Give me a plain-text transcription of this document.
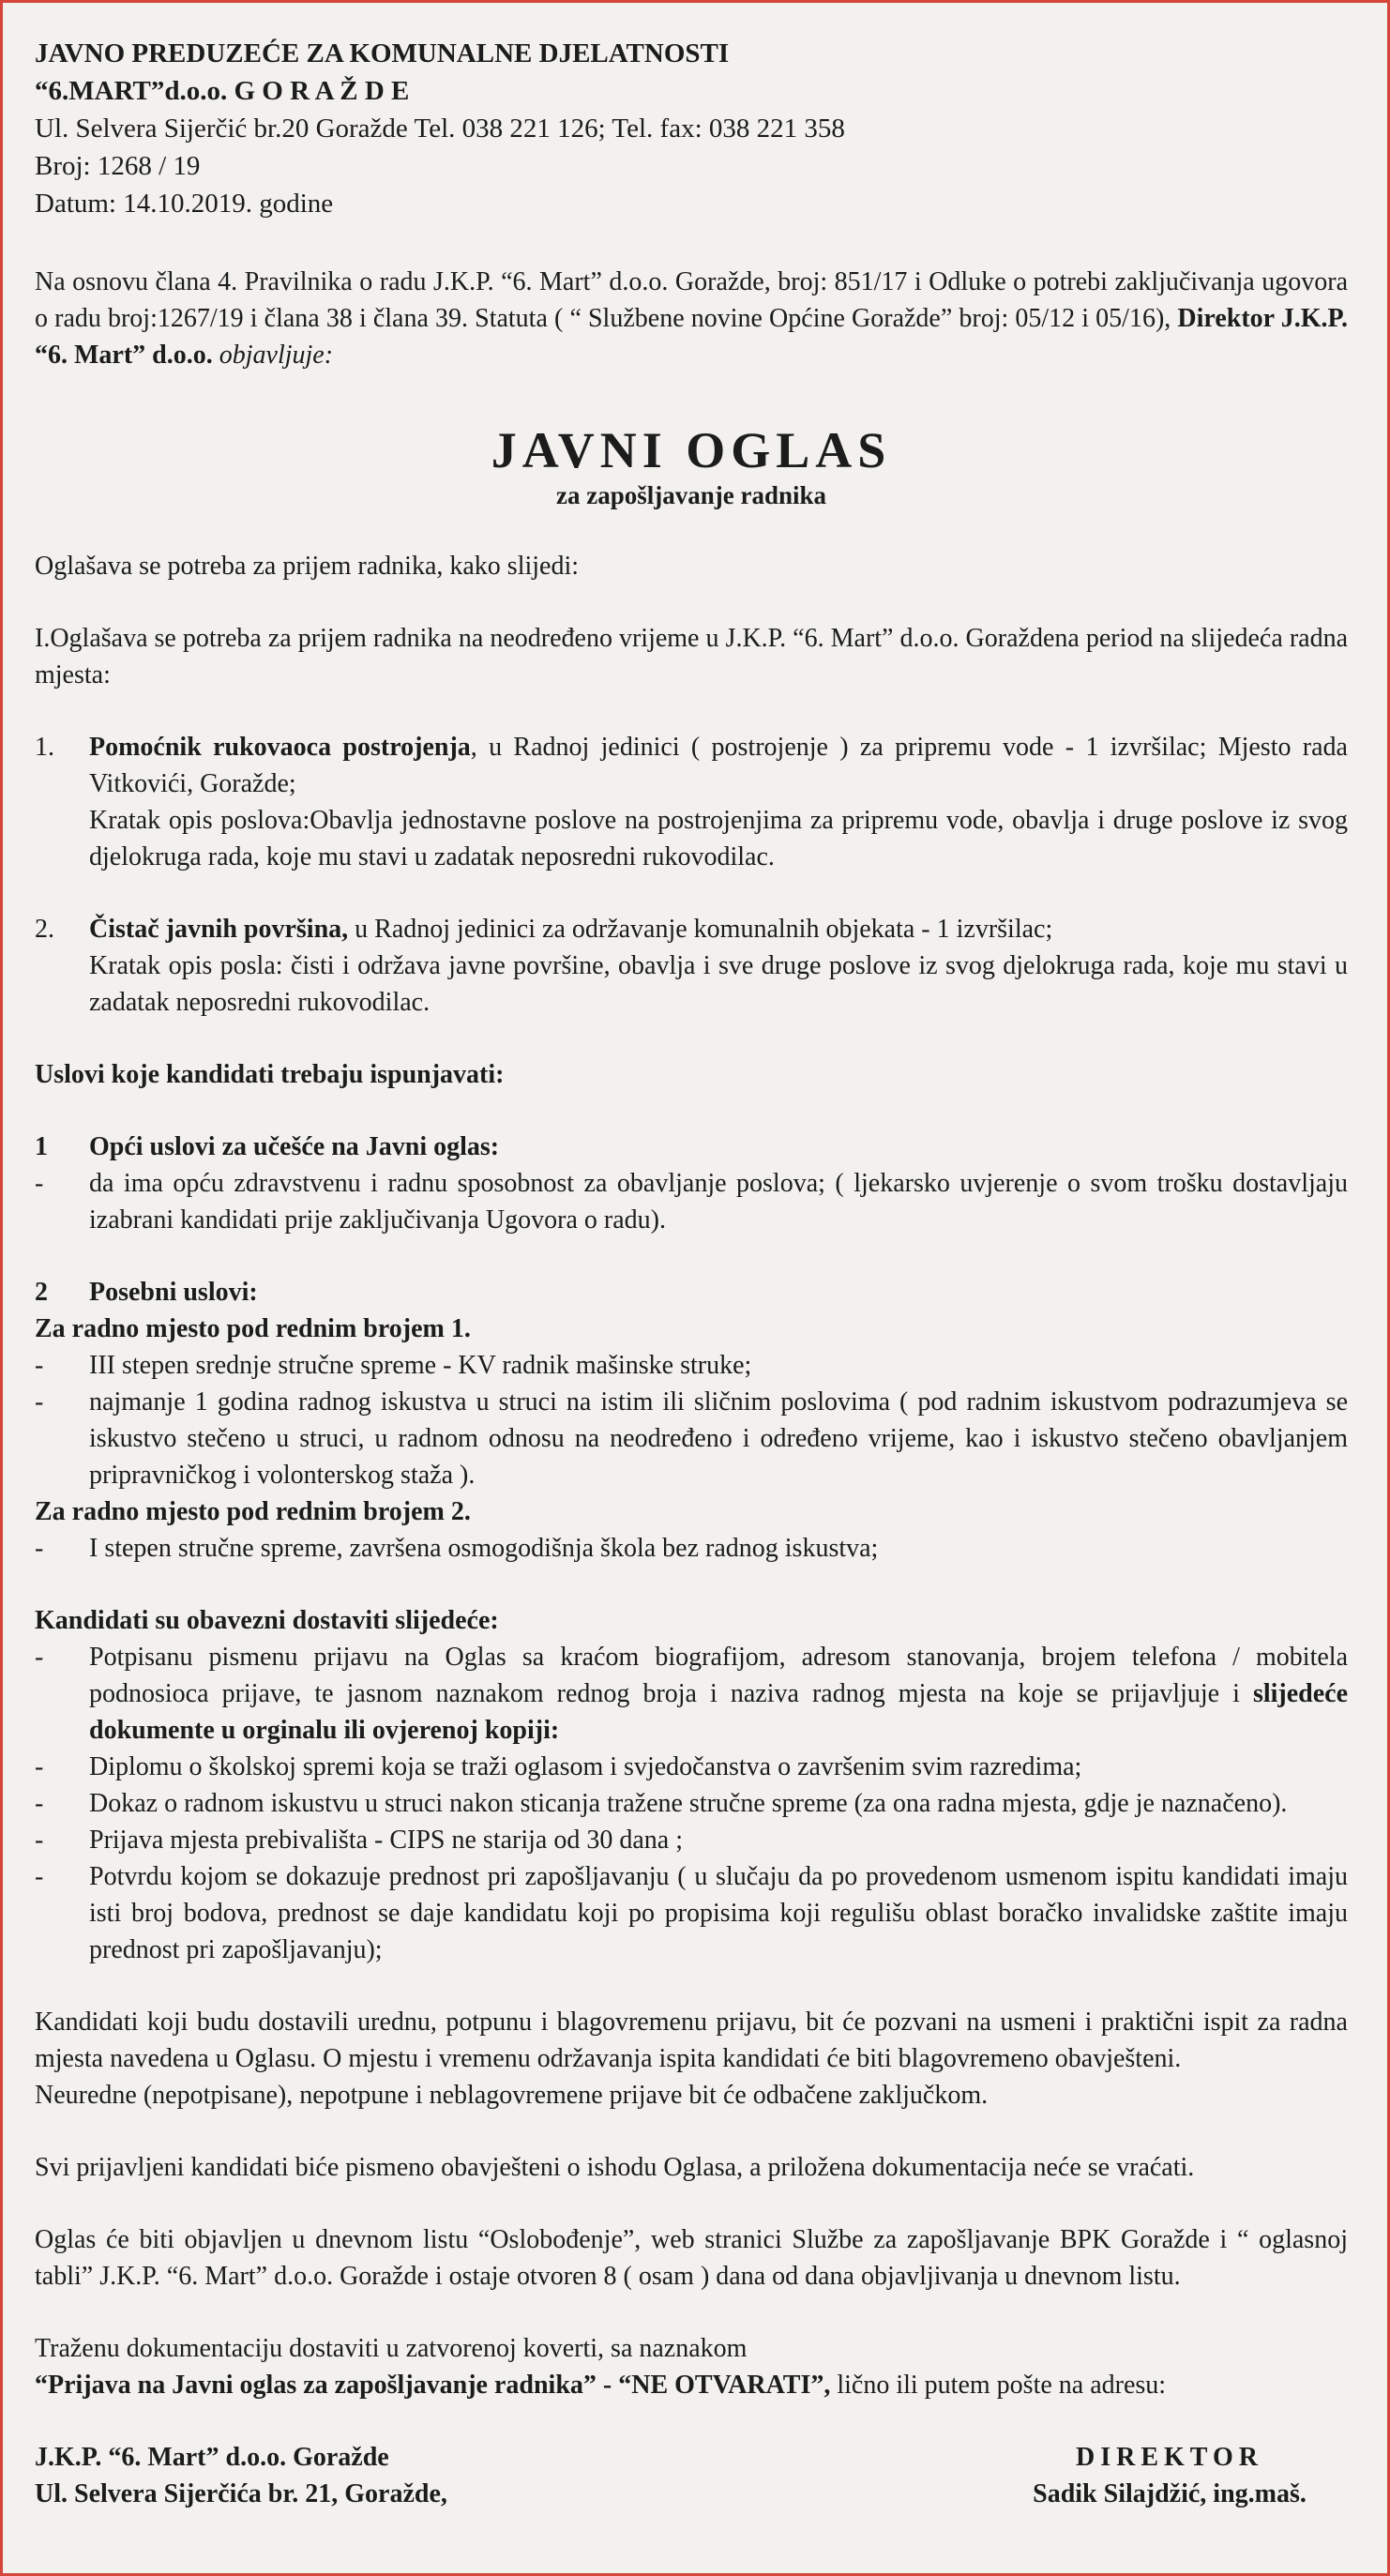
JAVNO PREDUZEĆE ZA KOMUNALNE DJELATNOSTI

“6.MART”d.o.o. G O R A Ž D E

Ul. Selvera Sijerčić br.20 Goražde Tel. 038 221 126; Tel. fax: 038 221 358

Broj: 1268 / 19

Datum: 14.10.2019. godine

Na osnovu člana 4. Pravilnika o radu J.K.P. “6. Mart” d.o.o. Goražde, broj: 851/17 i Odluke o potrebi zaključivanja ugovora o radu broj:1267/19 i člana 38 i člana 39. Statuta ( “ Službene novine Općine Goražde” broj: 05/12 i 05/16), Direktor J.K.P. “6. Mart” d.o.o. objavljuje:

JAVNI OGLAS

za zapošljavanje radnika

Oglašava se potreba za prijem radnika, kako slijedi:

I.Oglašava se potreba za prijem radnika na neodređeno vrijeme u J.K.P. “6. Mart” d.o.o. Goraždena period na slijedeća radna mjesta:

1.	Pomoćnik rukovaoca postrojenja, u Radnoj jedinici ( postrojenje ) za pripremu vode - 1 izvršilac; Mjesto rada Vitkovići, Goražde;
Kratak opis poslova:Obavlja jednostavne poslove na postrojenjima za pripremu vode, obavlja i druge poslove iz svog djelokruga rada, koje mu stavi u zadatak neposredni rukovodilac.
2.	Čistač javnih površina, u Radnoj jedinici za održavanje komunalnih objekata - 1 izvršilac;
Kratak opis posla: čisti i održava javne površine, obavlja i sve druge poslove iz svog djelokruga rada, koje mu stavi u zadatak neposredni rukovodilac.

Uslovi koje kandidati trebaju ispunjavati:

1	Opći uslovi za učešće na Javni oglas:
-	da ima opću zdravstvenu i radnu sposobnost za obavljanje poslova; ( ljekarsko uvjerenje o svom trošku dostavljaju izabrani kandidati prije zaključivanja Ugovora o radu).
2	Posebni uslovi:

Za radno mjesto pod rednim brojem 1.

-	III stepen srednje stručne spreme - KV radnik mašinske struke;
-	najmanje 1 godina radnog iskustva u struci na istim ili sličnim poslovima ( pod radnim iskustvom podrazumjeva se iskustvo stečeno u struci, u radnom odnosu na neodređeno i određeno vrijeme, kao i iskustvo stečeno obavljanjem pripravničkog i volonterskog staža ).

Za radno mjesto pod rednim brojem 2.

-	I stepen stručne spreme, završena osmogodišnja škola bez radnog iskustva;

Kandidati su obavezni dostaviti slijedeće:

-	Potpisanu pismenu prijavu na Oglas sa kraćom biografijom, adresom stanovanja, brojem telefona / mobitela podnosioca prijave, te jasnom naznakom rednog broja i naziva radnog mjesta na koje se prijavljuje i slijedeće dokumente u orginalu ili ovjerenoj kopiji:
-	Diplomu o školskoj spremi koja se traži oglasom i svjedočanstva o završenim svim razredima;
-	Dokaz o radnom iskustvu u struci nakon sticanja tražene stručne spreme (za ona radna mjesta, gdje je naznačeno).
-	Prijava mjesta prebivališta - CIPS ne starija od 30 dana ;
-	Potvrdu kojom se dokazuje prednost pri zapošljavanju ( u slučaju da po provedenom usmenom ispitu kandidati imaju isti broj bodova, prednost se daje kandidatu koji po propisima koji regulišu oblast boračko invalidske zaštite imaju prednost pri zapošljavanju);

Kandidati koji budu dostavili urednu, potpunu i blagovremenu prijavu, bit će pozvani na usmeni i praktični ispit za radna mjesta navedena u Oglasu. O mjestu i vremenu održavanja ispita kandidati će biti blagovremeno obavješteni.

Neuredne (nepotpisane), nepotpune i neblagovremene prijave bit će odbačene zaključkom.

Svi prijavljeni kandidati biće pismeno obavješteni o ishodu Oglasa, a priložena dokumentacija neće se vraćati.

Oglas će biti objavljen u dnevnom listu “Oslobođenje”, web stranici Službe za zapošljavanje BPK Goražde i “ oglasnoj tabli” J.K.P. “6. Mart” d.o.o. Goražde i ostaje otvoren 8 ( osam ) dana od dana objavljivanja u dnevnom listu.

Traženu dokumentaciju dostaviti u zatvorenoj koverti, sa naznakom

“Prijava na Javni oglas za zapošljavanje radnika” - “NE OTVARATI”, lično ili putem pošte na adresu:

J.K.P. “6. Mart” d.o.o. Goražde
Ul. Selvera Sijerčića br. 21, Goražde,
DIREKTOR
Sadik Silajdžić, ing.maš.
